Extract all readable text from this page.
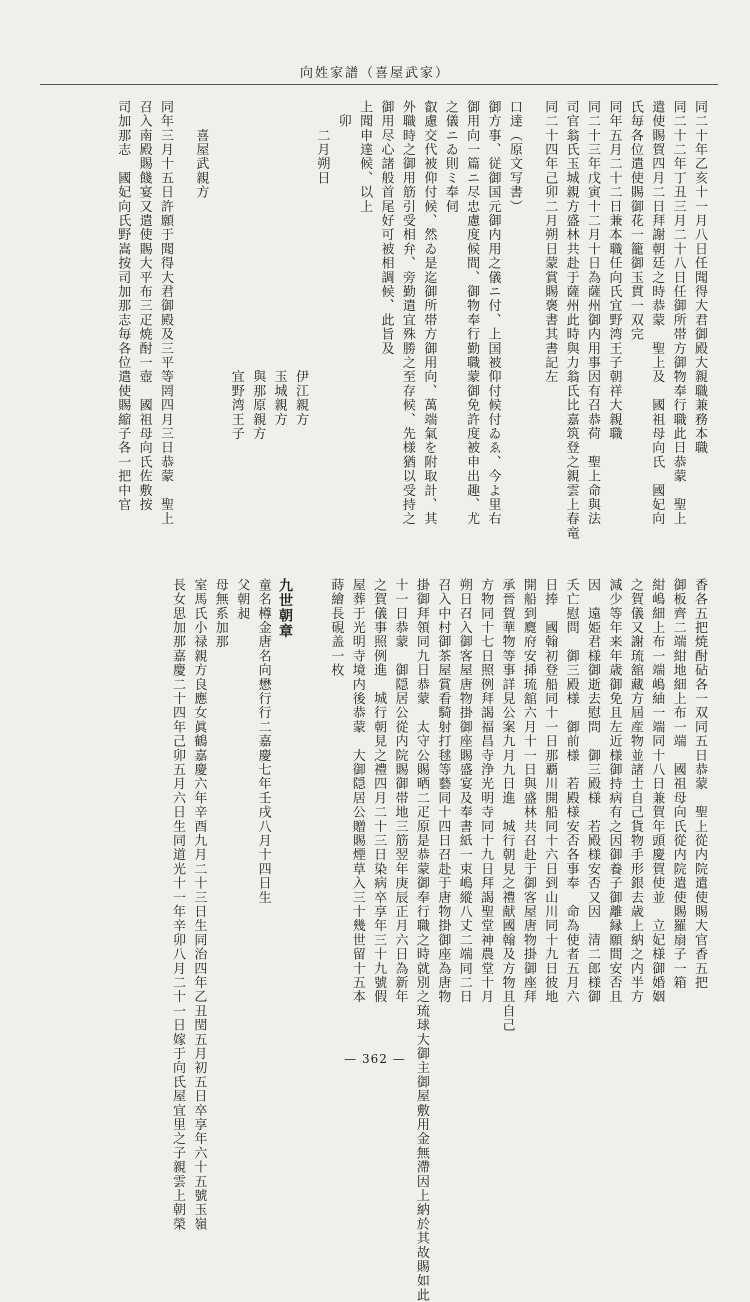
向姓家譜（喜屋武家）
同二十年乙亥十一月八日任聞得大君御殿大親職兼務本職
同二十二年丁丑三月二十八日任御所帯方御物奉行職此日恭蒙　聖上
遣使賜賀四月二日拜謝朝廷之時恭蒙　聖上及　國祖母向氏　國妃向
氏毎各位遣使賜御花一籠御玉貫一双完
同年五月二十二日兼本職任向氏宜野湾王子朝祥大親職
同二十三年戊寅十二月十日為薩州御内用事因有召恭荷　聖上命與法
司官翁氏玉城親方盛林共赴于薩州此時與力翁氏比嘉筑登之親雲上春竜
同二十四年己卯二月朔日蒙賞賜褒書其書記左
口達（原文写書）
御方事、従御国元御内用之儀ニ付、上国被仰付候付ゐゑ、今よ里右
御用向一篇ニ尽忠慮度候間、御物奉行勤職蒙御免許度被申出趣、尤
之儀ニゐ則ミ奉伺
叡慮交代被仰付候、然ゐ是迄御所帯方御用向、萬端氣を附取計、其
外職時之御用筋引受相弁、旁勤遣宜殊勝之至存候、先様猶以受持之
御用尽心諸般首尾好可被相調候、此旨及
上聞申達候、以上
　卯
　　二月朔日
　　　　　　　　　　　　　　　　　　　伊江親方
　　　　　　　　　　　　　　　　　　　玉城親方
　　　　　　　　　　　　　　　　　　　與那原親方
　　　　　　　　　　　　　　　　　　　宜野湾王子
　　喜屋武親方
同年三月十五日許願于聞得大君御殿及三平等罔四月三日恭蒙　聖上
召入南殿賜餞宴又遣使賜大平布三疋焼酎一壺　國祖母向氏佐敷按
司加那志　國妃向氏野嵩按司加那志毎各位遣使賜縮子各一把中官
香各五把焼酎砧各一双同五日恭蒙　聖上從内院遣使賜大官香五把
御板齊二端紺地細上布一端　國祖母向氏從内院遣使賜羅扇子一箱
紺嶋細上布一端嶋紬一端同十八日兼賀年頭慶賀使並　立妃様御婚姻
之賀儀又謝琉舘藏方屆産物並諸士自己貨物手形銀去歳上納之内半方
減少等年来年歳御免且左近様御持病有之因御養子御離縁願間安否且
因　遠姫君様御逝去慰問　御三殿様　若殿様安否又因　清二郎様御
夭亡慰問　御三殿様　御前様　若殿様安否各事奉　命為使者五月六
日捧　國翰初登船同十一日那覇川開船同十六日到山川同十九日彼地
開船到麑府安揷琉舘六月十一日與盛林共召赴于御客屋唐物掛御座拜
承晉賀華物等事詳見公案九月九日進　城行朝見之禮献國翰及方物且自己
方物同十七日照例拜謁福昌寺浄光明寺同十九日拜謁聖堂神農堂十月
朔日召入御客屋唐物掛御座賜盛宴及奉書紙一束嶋縱八丈二端同二日
召入中村御茶屋賞看騎射打毬等藝同十四日召赴于唐物掛御座為唐物
掛御拜領同九日恭蒙　太守公賜晒二疋原是恭蒙御奉行職之時就別之琉球大御主御屋敷用金無滯因上納於其故賜如此
十一日恭蒙　御隠居公從内院賜御帯地三筋翌年庚辰正月六日為新年
之賀儀事照例進　城行朝見之禮四月二十三日染病卒享年三十九號假
屋葬于光明寺境内後恭蒙　大御隠居公贈賜煙草入三十幾世留十五本
蒔繪長硯盖一枚
九世朝章
童名樽金唐名向懋行行二嘉慶七年壬戌八月十四日生
父朝昶
母無系加那
室馬氏小禄親方良應女眞鶴嘉慶六年辛酉九月二十三日生同治四年乙丑閏五月初五日卒享年六十五號玉嶺
長女思加那嘉慶二十四年己卯五月六日生同道光十一年辛卯八月二十一日嫁于向氏屋宜里之子親雲上朝榮	— 362 —
